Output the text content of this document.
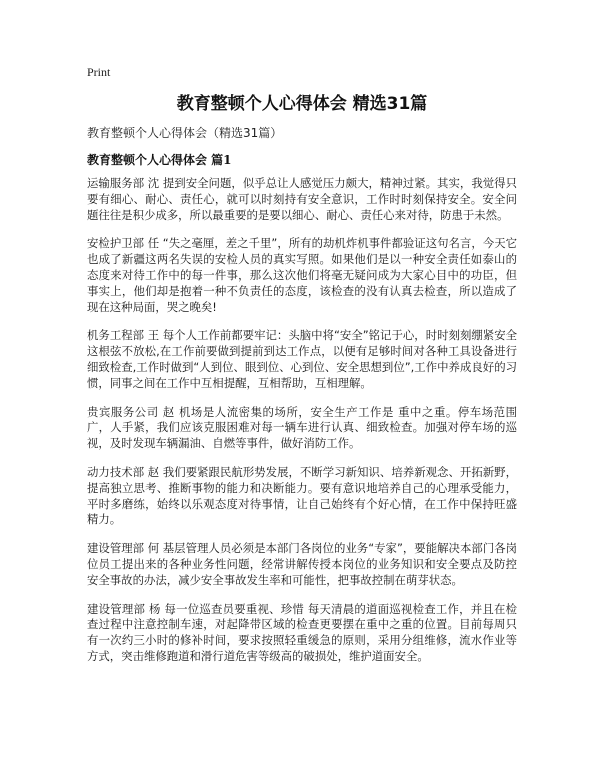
Print
教育整顿个人心得体会 精选31篇
教育整顿个人心得体会（精选31篇）
教育整顿个人心得体会 篇1

运输服务部 沈 提到安全问题，似乎总让人感觉压力颇大，精神过紧。其实，我觉得只要有细心、耐心、责任心，就可以时刻持有安全意识，工作时时刻保持安全。安全问题往往是积少成多，所以最重要的是要以细心、耐心、责任心来对待，防患于未然。

安检护卫部 任 “失之毫厘，差之千里”，所有的劫机炸机事件都验证这句名言，今天它也成了新疆这两名失误的安检人员的真实写照。如果他们是以一种安全责任如泰山的态度来对待工作中的每一件事，那么这次他们将毫无疑问成为大家心目中的功臣，但事实上，他们却是抱着一种不负责任的态度，该检查的没有认真去检查，所以造成了现在这种局面，哭之晚矣!

机务工程部 王 每个人工作前都要牢记：头脑中将“安全”铭记于心，时时刻刻绷紧安全这根弦不放松,在工作前要做到提前到达工作点，以便有足够时间对各种工具设备进行细致检查,工作时做到“人到位、眼到位、心到位、安全思想到位”,工作中养成良好的习惯，同事之间在工作中互相提醒，互相帮助，互相理解。

贵宾服务公司 赵 机场是人流密集的场所，安全生产工作是 重中之重。停车场范围广，人手紧，我们应该克服困难对每一辆车进行认真、细致检查。加强对停车场的巡视，及时发现车辆漏油、自燃等事件，做好消防工作。

动力技术部 赵 我们要紧跟民航形势发展，不断学习新知识、培养新观念、开拓新野，提高独立思考、推断事物的能力和决断能力。要有意识地培养自己的心理承受能力，平时多磨练，始终以乐观态度对待事情，让自己始终有个好心情，在工作中保持旺盛精力。

建设管理部 何 基层管理人员必须是本部门各岗位的业务“专家”，要能解决本部门各岗位员工提出来的各种业务性问题，经常讲解传授本岗位的业务知识和安全要点及防控安全事故的办法，减少安全事故发生率和可能性，把事故控制在萌芽状态。

建设管理部 杨 每一位巡查员要重视、珍惜 每天清晨的道面巡视检查工作，并且在检查过程中注意控制车速，对起降带区域的检查更要摆在重中之重的位置。目前每周只有一次约三小时的修补时间，要求按照轻重缓急的原则，采用分组维修，流水作业等方式，突击维修跑道和滑行道危害等级高的破损处，维护道面安全。
